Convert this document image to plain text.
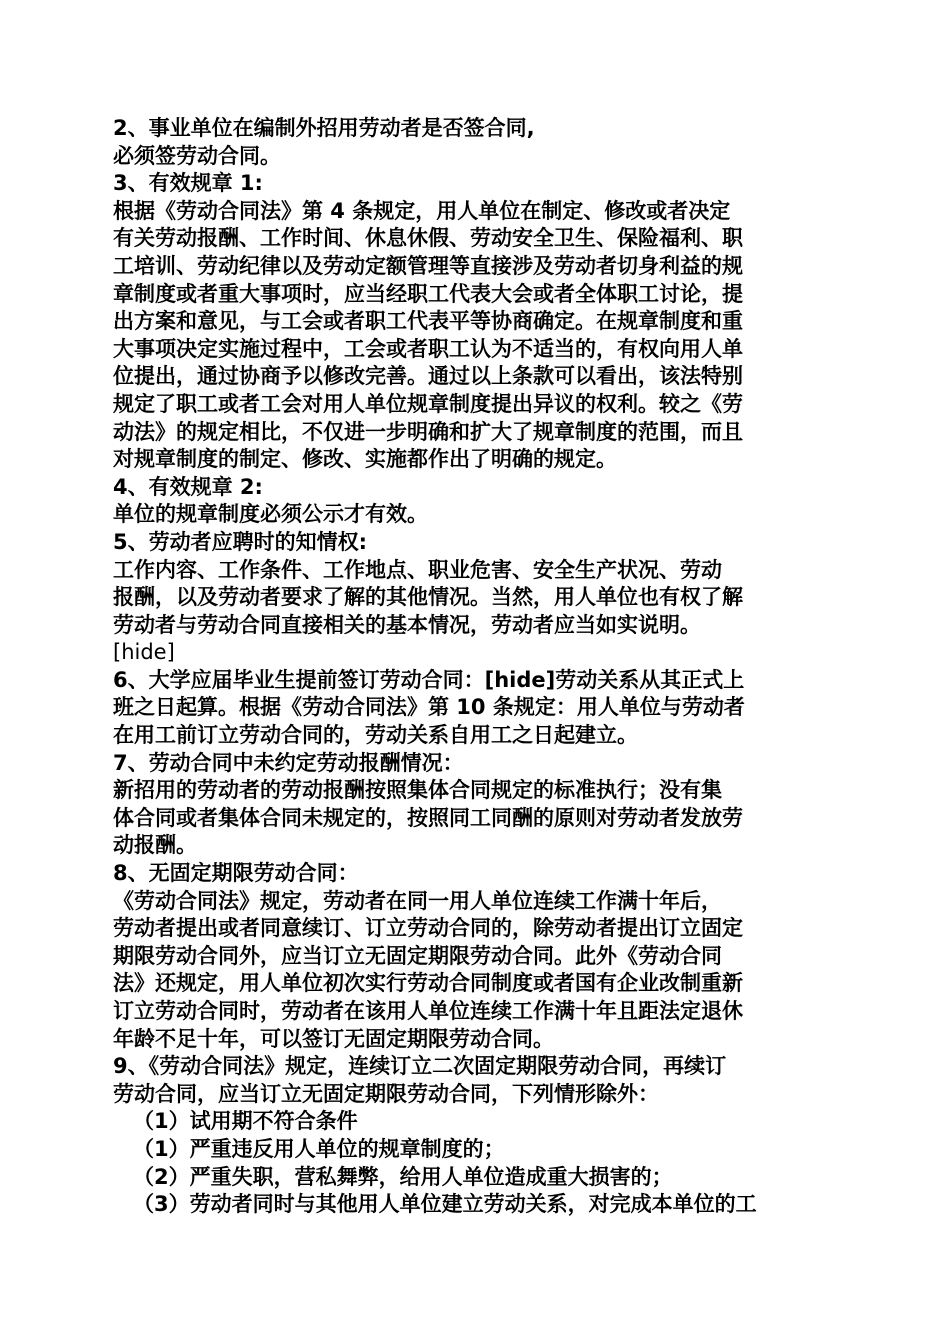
2、事业单位在编制外招用劳动者是否签合同,
必须签劳动合同。
3、有效规章 1:
根据《劳动合同法》第 4 条规定，用人单位在制定、修改或者决定
有关劳动报酬、工作时间、休息休假、劳动安全卫生、保险福利、职
工培训、劳动纪律以及劳动定额管理等直接涉及劳动者切身利益的规
章制度或者重大事项时，应当经职工代表大会或者全体职工讨论，提
出方案和意见，与工会或者职工代表平等协商确定。在规章制度和重
大事项决定实施过程中，工会或者职工认为不适当的，有权向用人单
位提出，通过协商予以修改完善。通过以上条款可以看出，该法特别
规定了职工或者工会对用人单位规章制度提出异议的权利。较之《劳
动法》的规定相比，不仅进一步明确和扩大了规章制度的范围，而且
对规章制度的制定、修改、实施都作出了明确的规定。
4、有效规章 2:
单位的规章制度必须公示才有效。
5、劳动者应聘时的知情权:
工作内容、工作条件、工作地点、职业危害、安全生产状况、劳动
报酬，以及劳动者要求了解的其他情况。当然，用人单位也有权了解
劳动者与劳动合同直接相关的基本情况，劳动者应当如实说明。
[hide]
6、大学应届毕业生提前签订劳动合同：[hide]劳动关系从其正式上
班之日起算。根据《劳动合同法》第 10 条规定：用人单位与劳动者
在用工前订立劳动合同的，劳动关系自用工之日起建立。
7、劳动合同中未约定劳动报酬情况：
新招用的劳动者的劳动报酬按照集体合同规定的标准执行；没有集
体合同或者集体合同未规定的，按照同工同酬的原则对劳动者发放劳
动报酬。
8、无固定期限劳动合同：
《劳动合同法》规定，劳动者在同一用人单位连续工作满十年后，
劳动者提出或者同意续订、订立劳动合同的，除劳动者提出订立固定
期限劳动合同外，应当订立无固定期限劳动合同。此外《劳动合同
法》还规定，用人单位初次实行劳动合同制度或者国有企业改制重新
订立劳动合同时，劳动者在该用人单位连续工作满十年且距法定退休
年龄不足十年，可以签订无固定期限劳动合同。
9、《劳动合同法》规定，连续订立二次固定期限劳动合同，再续订
劳动合同，应当订立无固定期限劳动合同，下列情形除外：
（1）试用期不符合条件
（1）严重违反用人单位的规章制度的；
（2）严重失职，营私舞弊，给用人单位造成重大损害的；
（3）劳动者同时与其他用人单位建立劳动关系，对完成本单位的工
